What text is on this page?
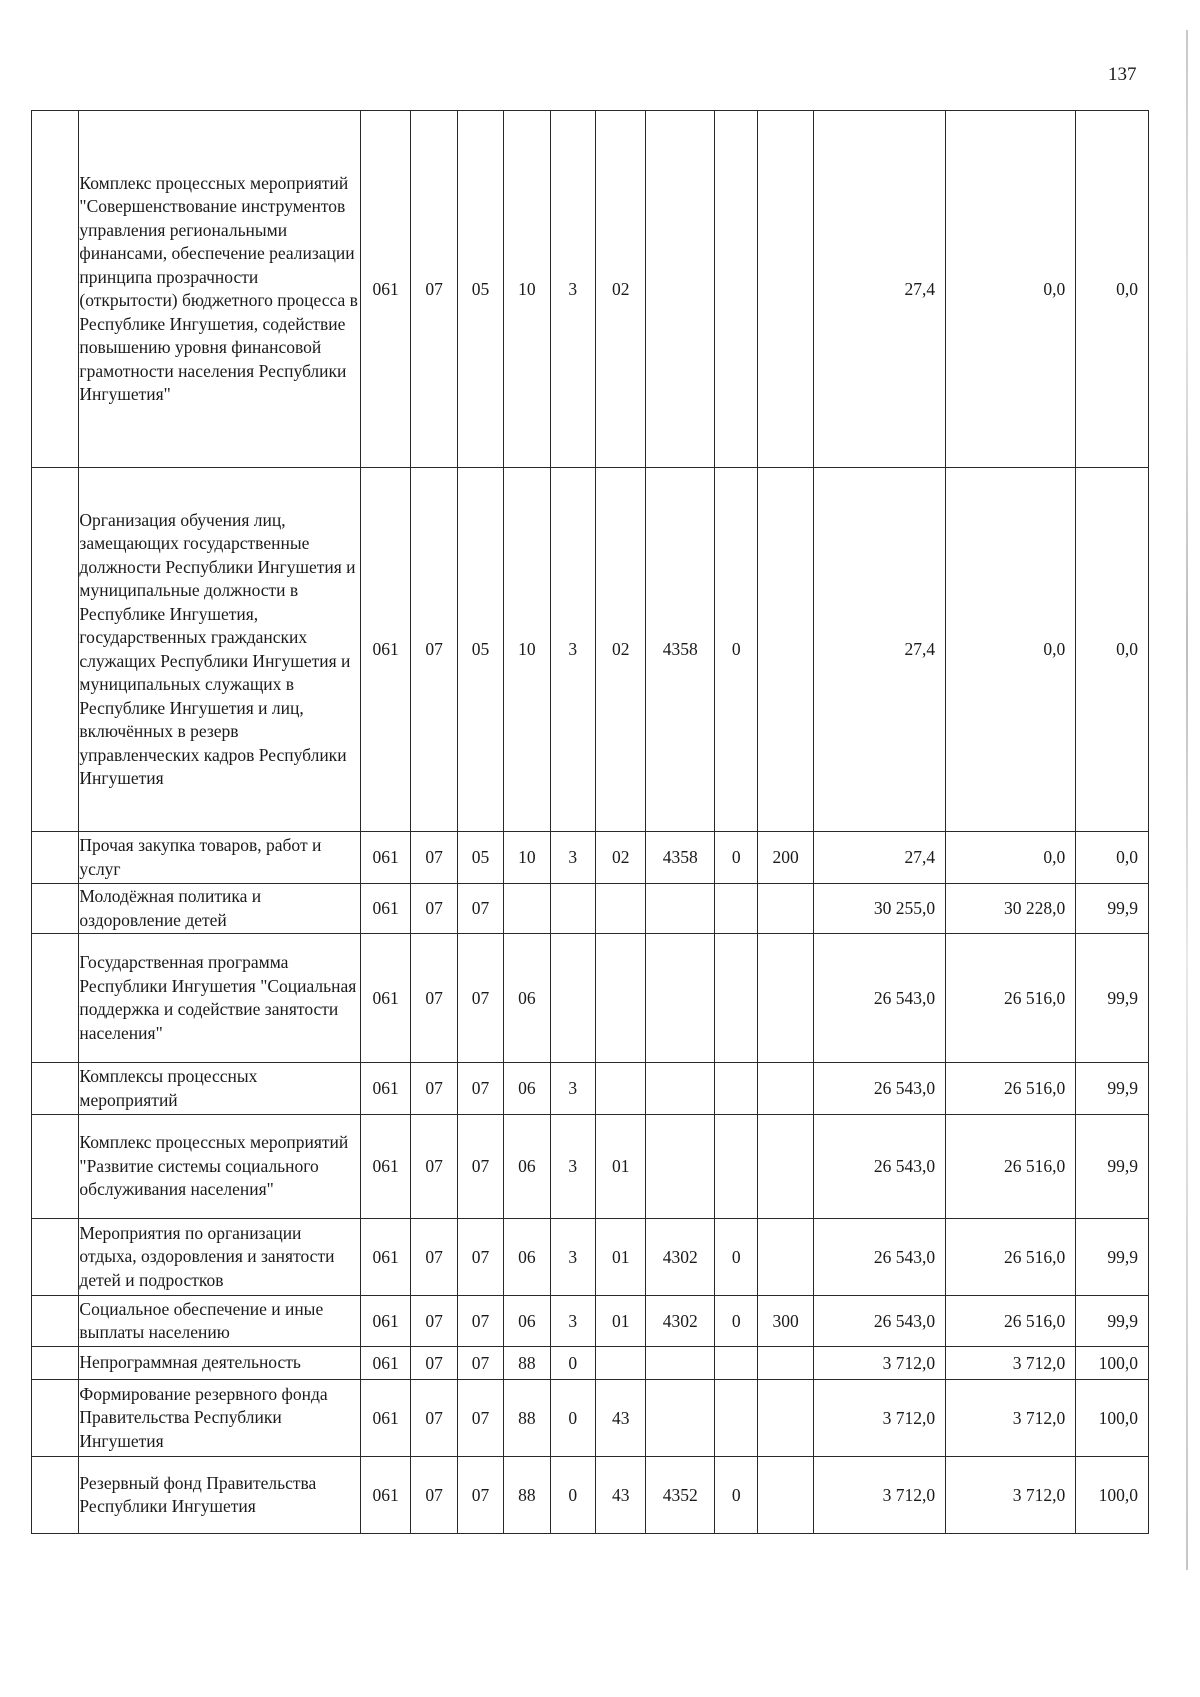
137
	Комплекс процессных мероприятий "Совершенствование инструментов управления региональными финансами, обеспечение реализации принципа прозрачности (открытости) бюджетного процесса в Республике Ингушетия, содействие повышению уровня финансовой грамотности населения Республики Ингушетия"	061	07	05	10	3	02				27,4	0,0	0,0
	Организация обучения лиц, замещающих государственные должности Республики Ингушетия и муниципальные должности в Республике Ингушетия, государственных гражданских служащих Республики Ингушетия и муниципальных служащих в Республике Ингушетия и лиц, включённых в резерв управленческих кадров Республики Ингушетия	061	07	05	10	3	02	4358	0		27,4	0,0	0,0
	Прочая закупка товаров, работ и услуг	061	07	05	10	3	02	4358	0	200	27,4	0,0	0,0
	Молодёжная политика и оздоровление детей	061	07	07							30 255,0	30 228,0	99,9
	Государственная программа Республики Ингушетия "Социальная поддержка и содействие занятости населения"	061	07	07	06						26 543,0	26 516,0	99,9
	Комплексы процессных мероприятий	061	07	07	06	3					26 543,0	26 516,0	99,9
	Комплекс процессных мероприятий "Развитие системы социального обслуживания населения"	061	07	07	06	3	01				26 543,0	26 516,0	99,9
	Мероприятия по организации отдыха, оздоровления и занятости детей и подростков	061	07	07	06	3	01	4302	0		26 543,0	26 516,0	99,9
	Социальное обеспечение и иные выплаты населению	061	07	07	06	3	01	4302	0	300	26 543,0	26 516,0	99,9
	Непрограммная деятельность	061	07	07	88	0					3 712,0	3 712,0	100,0
	Формирование резервного фонда Правительства Республики Ингушетия	061	07	07	88	0	43				3 712,0	3 712,0	100,0
	Резервный фонд Правительства Республики Ингушетия	061	07	07	88	0	43	4352	0		3 712,0	3 712,0	100,0
